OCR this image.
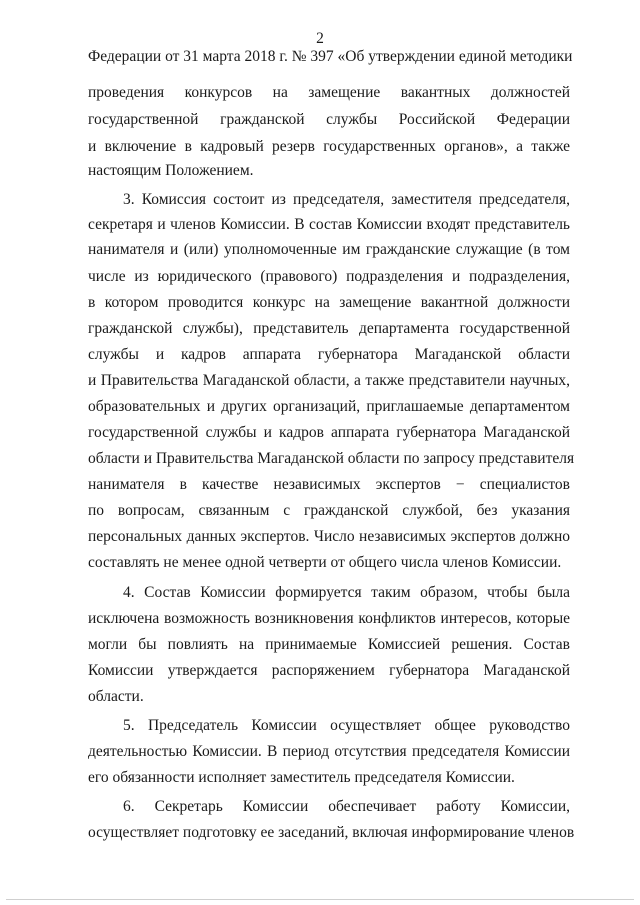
2
Федерации от 31 марта 2018 г. № 397 «Об утверждении единой методики
проведения конкурсов на замещение вакантных должностей
государственной гражданской службы Российской Федерации
и включение в кадровый резерв государственных органов», а также
настоящим Положением.
3. Комиссия состоит из председателя, заместителя председателя,
секретаря и членов Комиссии. В состав Комиссии входят представитель
нанимателя и (или) уполномоченные им гражданские служащие (в том
числе из юридического (правового) подразделения и подразделения,
в котором проводится конкурс на замещение вакантной должности
гражданской службы), представитель департамента государственной
службы и кадров аппарата губернатора Магаданской области
и Правительства Магаданской области, а также представители научных,
образовательных и других организаций, приглашаемые департаментом
государственной службы и кадров аппарата губернатора Магаданской
области и Правительства Магаданской области по запросу представителя
нанимателя в качестве независимых экспертов − специалистов
по вопросам, связанным с гражданской службой, без указания
персональных данных экспертов. Число независимых экспертов должно
составлять не менее одной четверти от общего числа членов Комиссии.
4. Состав Комиссии формируется таким образом, чтобы была
исключена возможность возникновения конфликтов интересов, которые
могли бы повлиять на принимаемые Комиссией решения. Состав
Комиссии утверждается распоряжением губернатора Магаданской
области.
5. Председатель Комиссии осуществляет общее руководство
деятельностью Комиссии. В период отсутствия председателя Комиссии
его обязанности исполняет заместитель председателя Комиссии.
6. Секретарь Комиссии обеспечивает работу Комиссии,
осуществляет подготовку ее заседаний, включая информирование членов
